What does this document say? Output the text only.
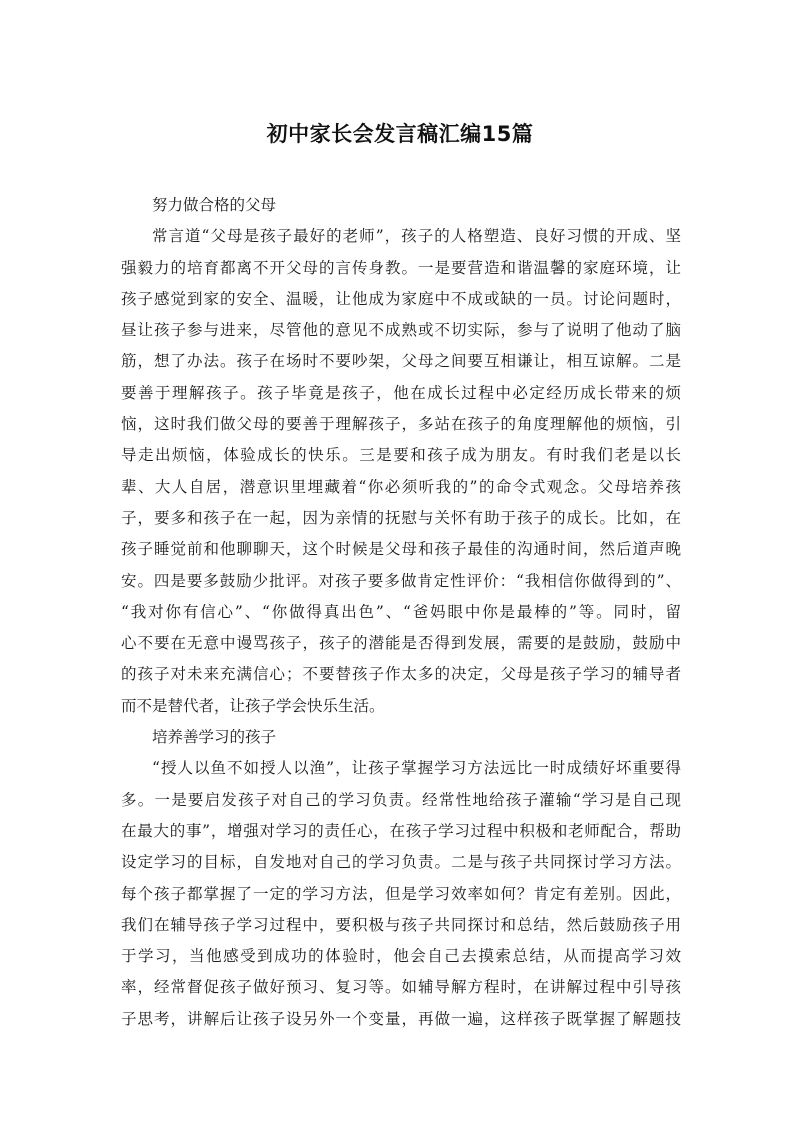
初中家长会发言稿汇编15篇
努力做合格的父母
常言道“父母是孩子最好的老师”，孩子的人格塑造、良好习惯的开成、坚
强毅力的培育都离不开父母的言传身教。一是要营造和谐温馨的家庭环境，让
孩子感觉到家的安全、温暖，让他成为家庭中不成或缺的一员。讨论问题时，
昼让孩子参与进来，尽管他的意见不成熟或不切实际，参与了说明了他动了脑
筋，想了办法。孩子在场时不要吵架，父母之间要互相谦让，相互谅解。二是
要善于理解孩子。孩子毕竟是孩子，他在成长过程中必定经历成长带来的烦
恼，这时我们做父母的要善于理解孩子，多站在孩子的角度理解他的烦恼，引
导走出烦恼，体验成长的快乐。三是要和孩子成为朋友。有时我们老是以长
辈、大人自居，潜意识里埋藏着“你必须听我的”的命令式观念。父母培养孩
子，要多和孩子在一起，因为亲情的抚慰与关怀有助于孩子的成长。比如，在
孩子睡觉前和他聊聊天，这个时候是父母和孩子最佳的沟通时间，然后道声晚
安。四是要多鼓励少批评。对孩子要多做肯定性评价：“我相信你做得到的”、
“我对你有信心”、“你做得真出色”、“爸妈眼中你是最棒的”等。同时，留
心不要在无意中谩骂孩子，孩子的潜能是否得到发展，需要的是鼓励，鼓励中
的孩子对未来充满信心；不要替孩子作太多的决定，父母是孩子学习的辅导者
而不是替代者，让孩子学会快乐生活。
培养善学习的孩子
“授人以鱼不如授人以渔”，让孩子掌握学习方法远比一时成绩好坏重要得
多。一是要启发孩子对自己的学习负责。经常性地给孩子灌输“学习是自己现
在最大的事”，增强对学习的责任心，在孩子学习过程中积极和老师配合，帮助
设定学习的目标，自发地对自己的学习负责。二是与孩子共同探讨学习方法。
每个孩子都掌握了一定的学习方法，但是学习效率如何？肯定有差别。因此，
我们在辅导孩子学习过程中，要积极与孩子共同探讨和总结，然后鼓励孩子用
于学习，当他感受到成功的体验时，他会自己去摸索总结，从而提高学习效
率，经常督促孩子做好预习、复习等。如辅导解方程时，在讲解过程中引导孩
子思考，讲解后让孩子设另外一个变量，再做一遍，这样孩子既掌握了解题技
